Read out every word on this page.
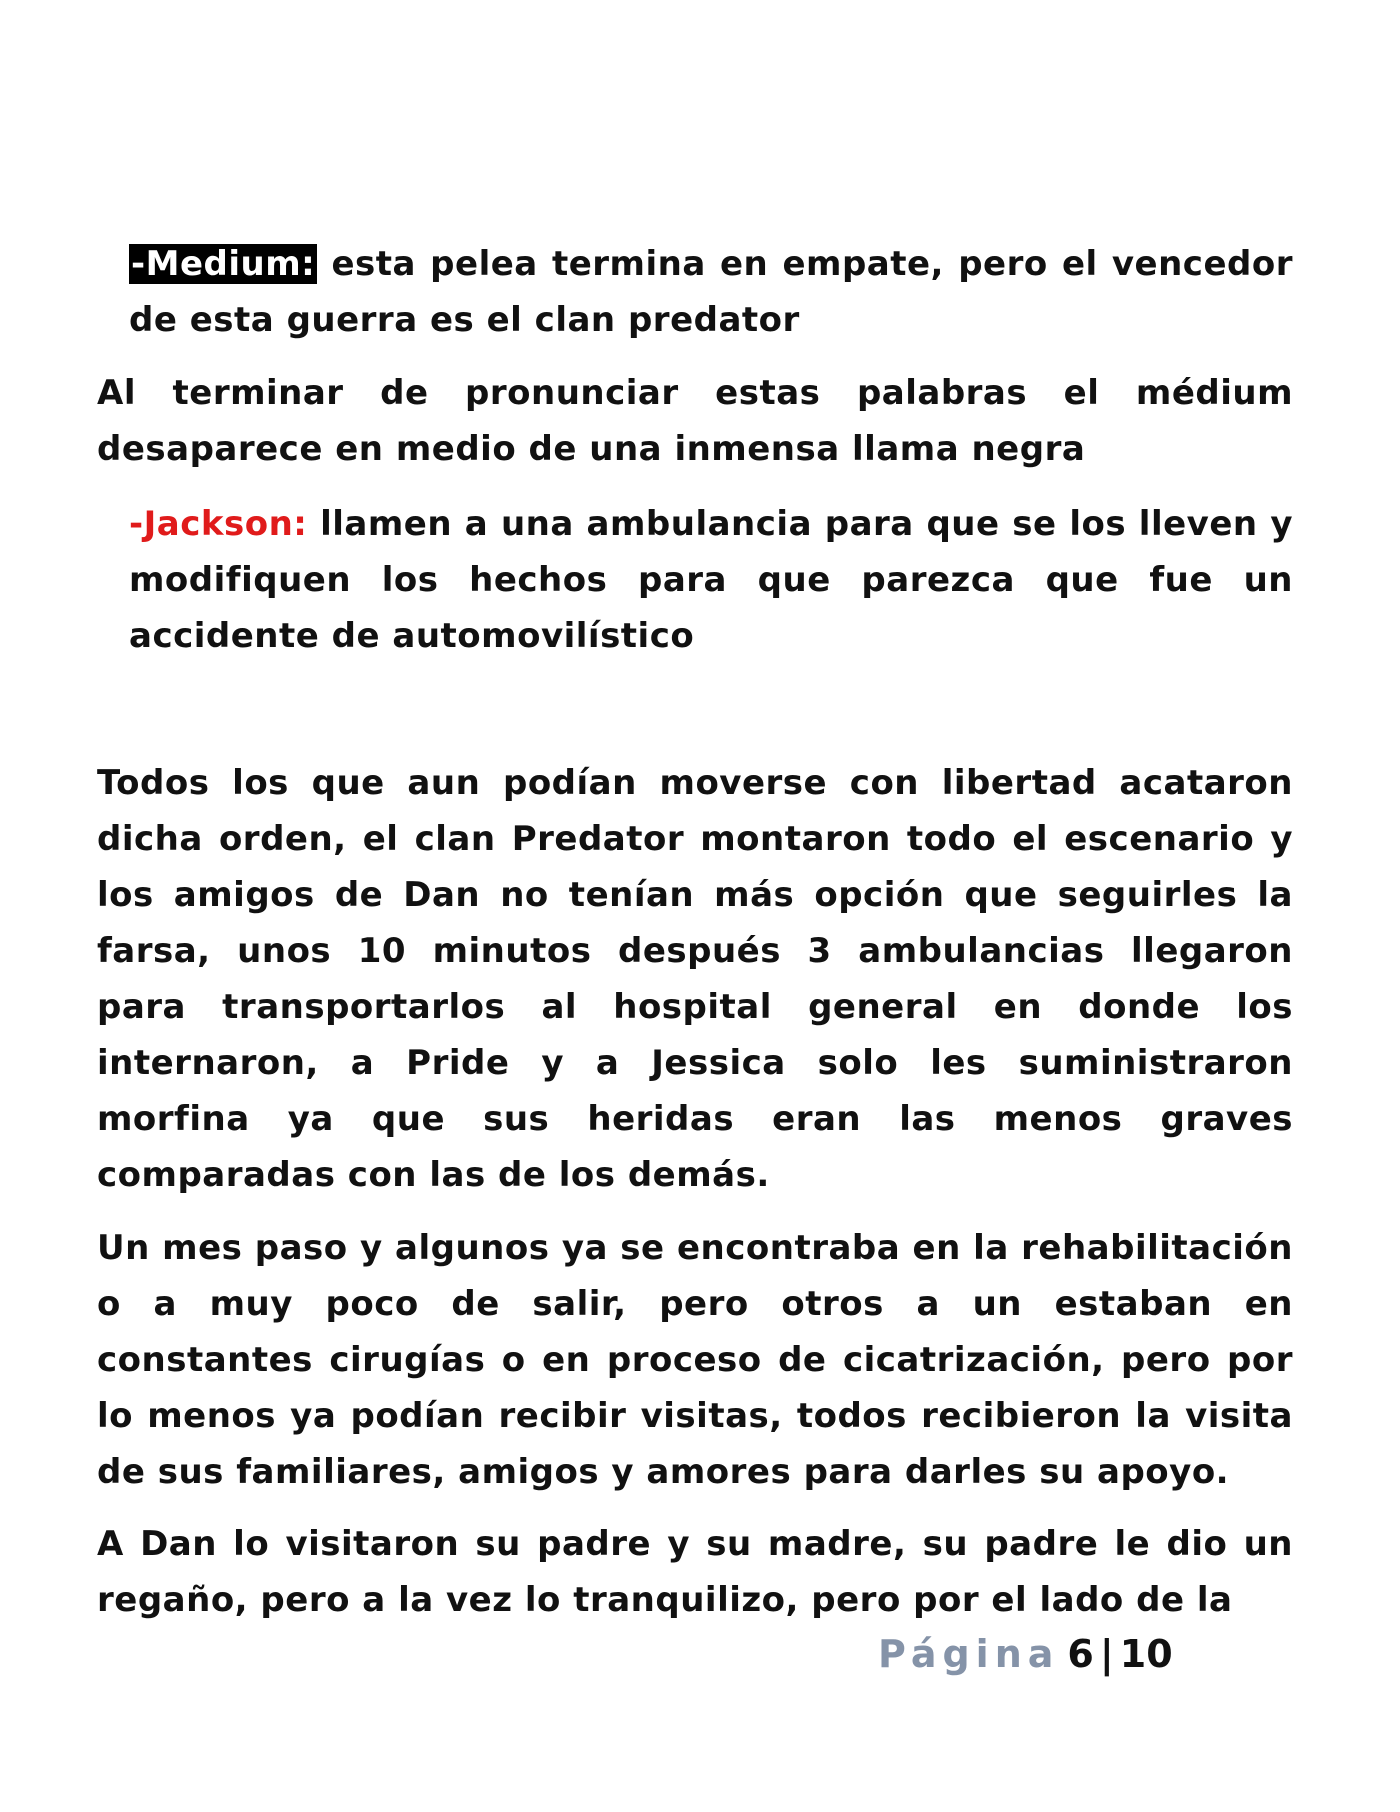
-Medium: esta pelea termina en empate, pero el vencedor de esta guerra es el clan predator

Al terminar de pronunciar estas palabras el médium desaparece en medio de una inmensa llama negra

-Jackson: llamen a una ambulancia para que se los lleven y modifiquen los hechos para que parezca que fue un accidente de automovilístico

Todos los que aun podían moverse con libertad acataron dicha orden, el clan Predator montaron todo el escenario y los amigos de Dan no tenían más opción que seguirles la farsa, unos 10 minutos después 3 ambulancias llegaron para transportarlos al hospital general en donde los internaron, a Pride y a Jessica solo les suministraron morfina ya que sus heridas eran las menos graves comparadas con las de los demás.

Un mes paso y algunos ya se encontraba en la rehabilitación o a muy poco de salir, pero otros a un estaban en constantes cirugías o en proceso de cicatrización, pero por lo menos ya podían recibir visitas, todos recibieron la visita de sus familiares, amigos y amores para darles su apoyo.

A Dan lo visitaron su padre y su madre, su padre le dio un regaño, pero a la vez lo tranquilizo, pero por el lado de la

Página 6 | 10
